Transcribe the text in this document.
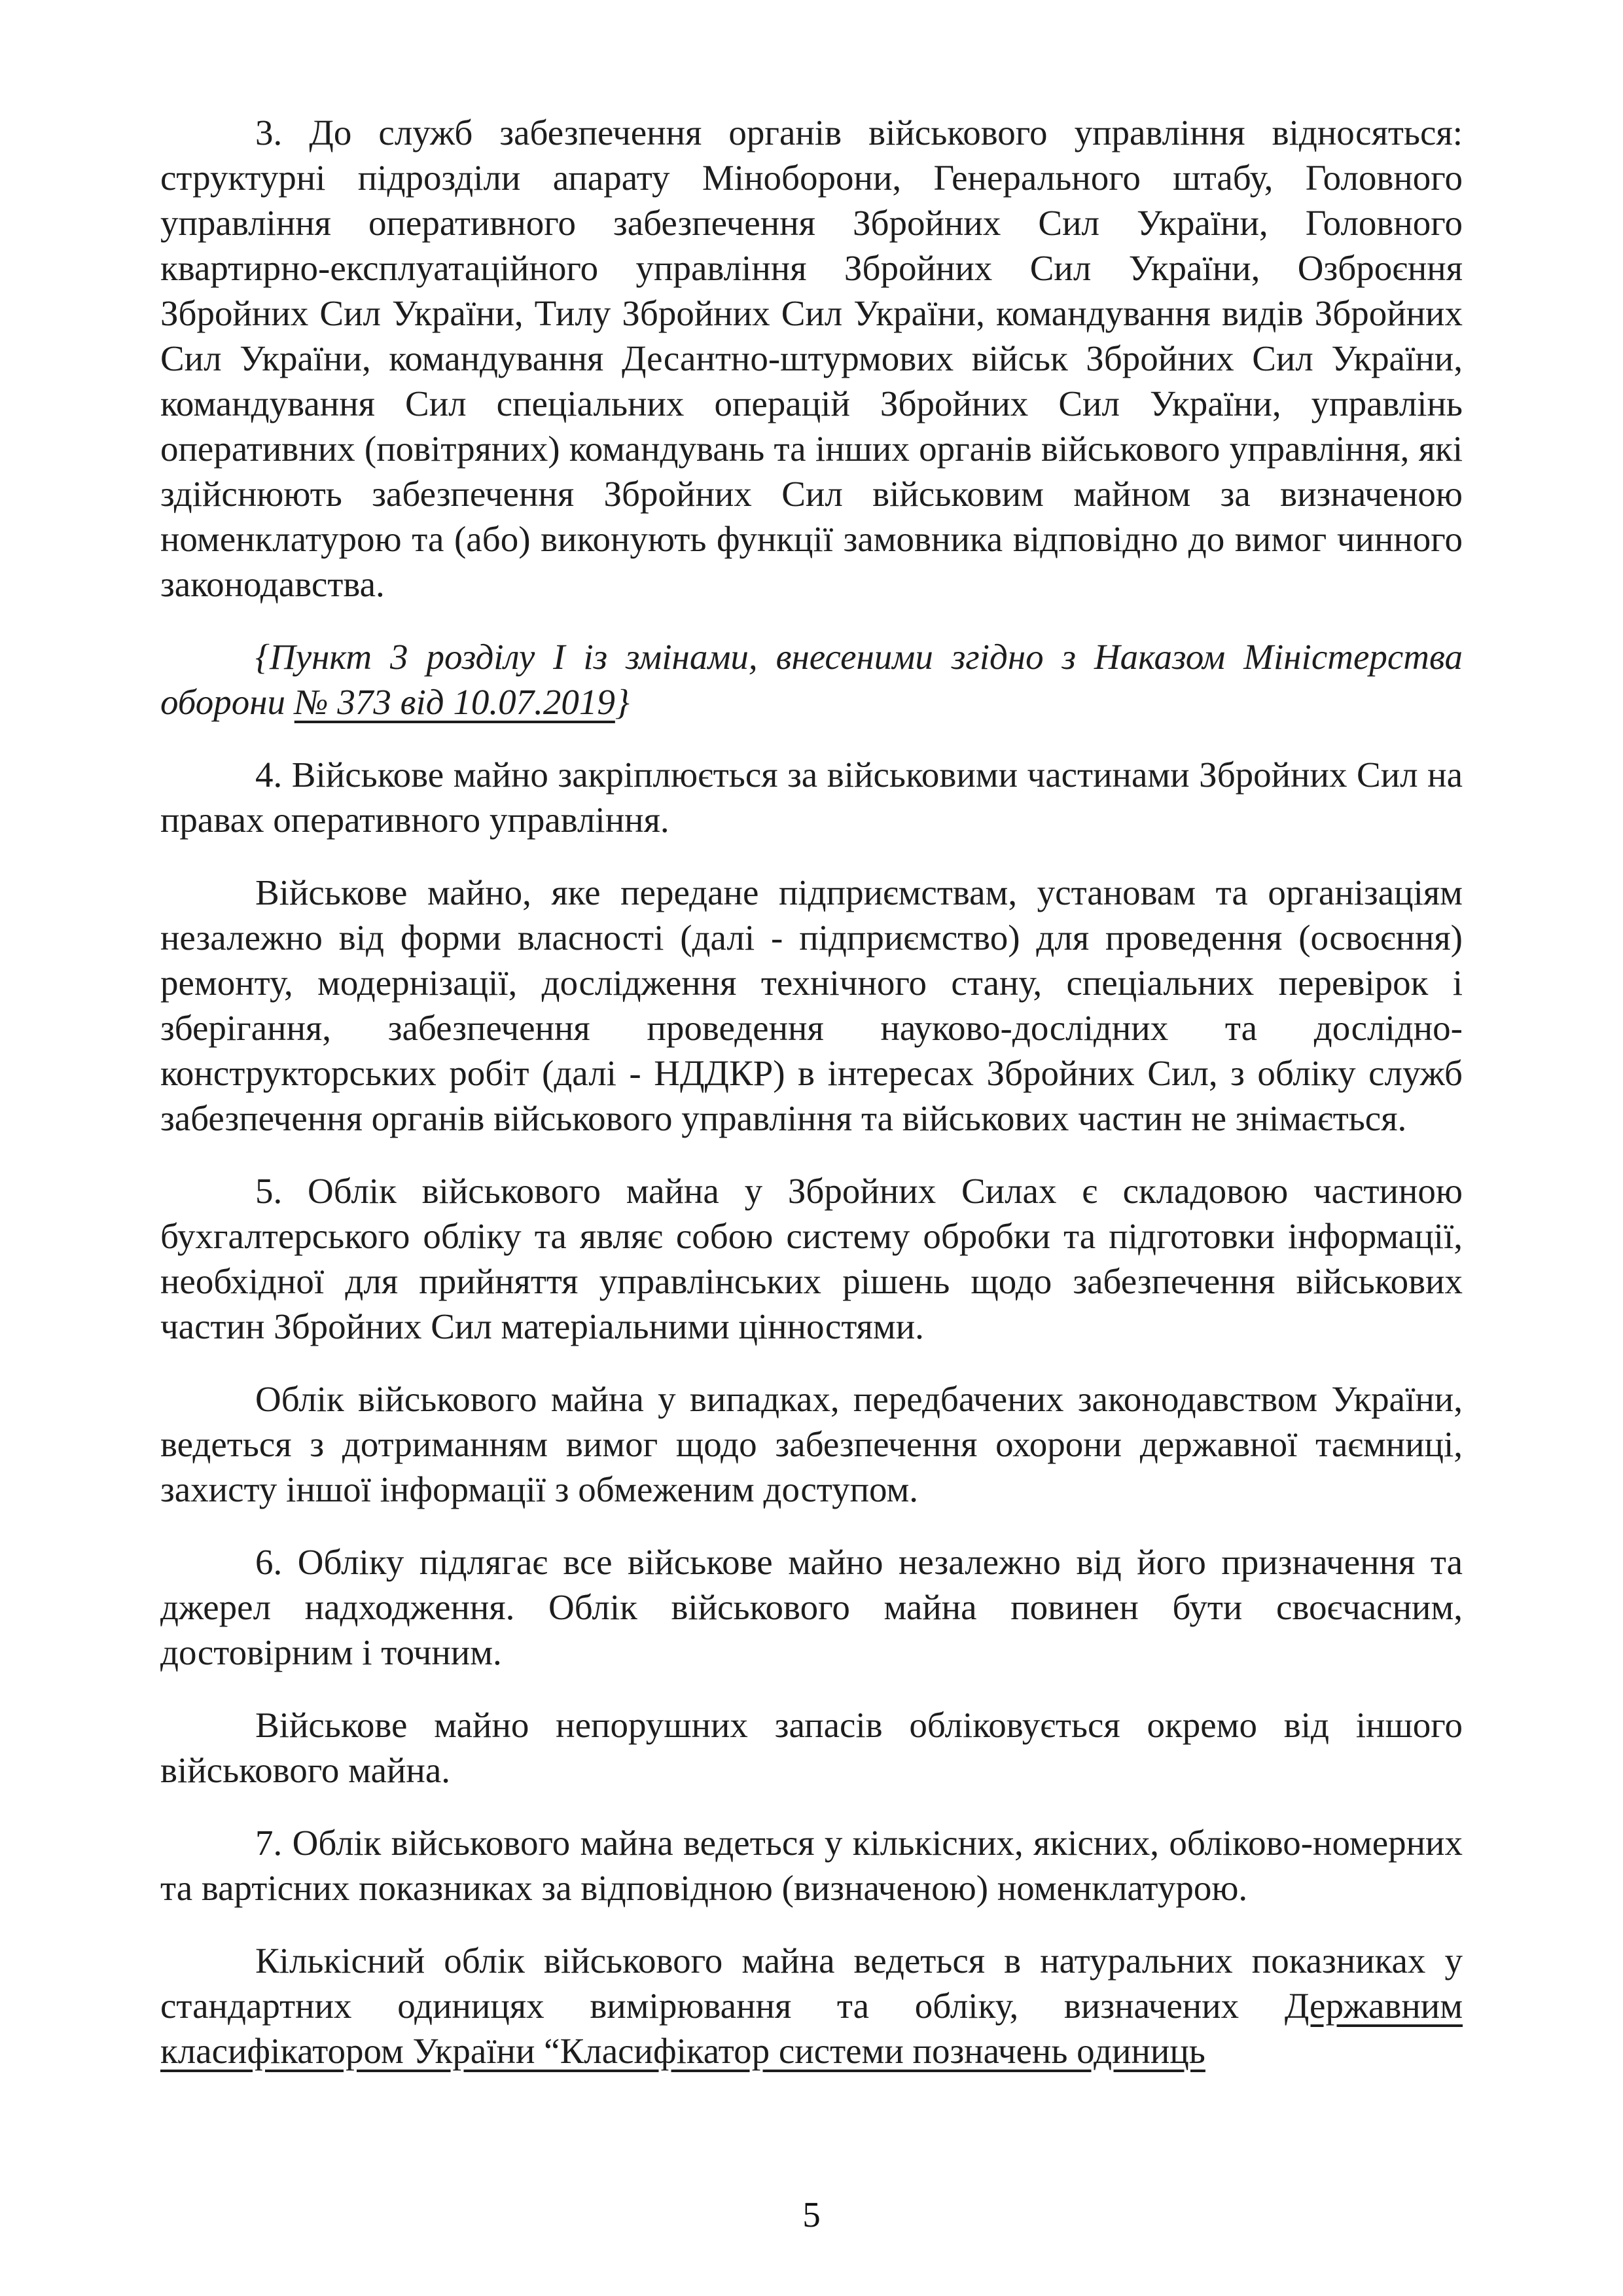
3. До служб забезпечення органів військового управління відносяться: структурні підрозділи апарату Міноборони, Генерального штабу, Головного управління оперативного забезпечення Збройних Сил України, Головного квартирно-експлуатаційного управління Збройних Сил України, Озброєння Збройних Сил України, Тилу Збройних Сил України, командування видів Збройних Сил України, командування Десантно-штурмових військ Збройних Сил України, командування Сил спеціальних операцій Збройних Сил України, управлінь оперативних (повітряних) командувань та інших органів військового управління, які здійснюють забезпечення Збройних Сил військовим майном за визначеною номенклатурою та (або) виконують функції замовника відповідно до вимог чинного законодавства.

{Пункт 3 розділу I із змінами, внесеними згідно з Наказом Міністерства оборони № 373 від 10.07.2019}

4. Військове майно закріплюється за військовими частинами Збройних Сил на правах оперативного управління.

Військове майно, яке передане підприємствам, установам та організаціям незалежно від форми власності (далі - підприємство) для проведення (освоєння) ремонту, модернізації, дослідження технічного стану, спеціальних перевірок і зберігання, забезпечення проведення науково-дослідних та дослідно-конструкторських робіт (далі - НДДКР) в інтересах Збройних Сил, з обліку служб забезпечення органів військового управління та військових частин не знімається.

5. Облік військового майна у Збройних Силах є складовою частиною бухгалтерського обліку та являє собою систему обробки та підготовки інформації, необхідної для прийняття управлінських рішень щодо забезпечення військових частин Збройних Сил матеріальними цінностями.

Облік військового майна у випадках, передбачених законодавством України, ведеться з дотриманням вимог щодо забезпечення охорони державної таємниці, захисту іншої інформації з обмеженим доступом.

6. Обліку підлягає все військове майно незалежно від його призначення та джерел надходження. Облік військового майна повинен бути своєчасним, достовірним і точним.

Військове майно непорушних запасів обліковується окремо від іншого військового майна.

7. Облік військового майна ведеться у кількісних, якісних, обліково-номерних та вартісних показниках за відповідною (визначеною) номенклатурою.

Кількісний облік військового майна ведеться в натуральних показниках у стандартних одиницях вимірювання та обліку, визначених Державним класифікатором України “Класифікатор системи позначень одиниць

5
